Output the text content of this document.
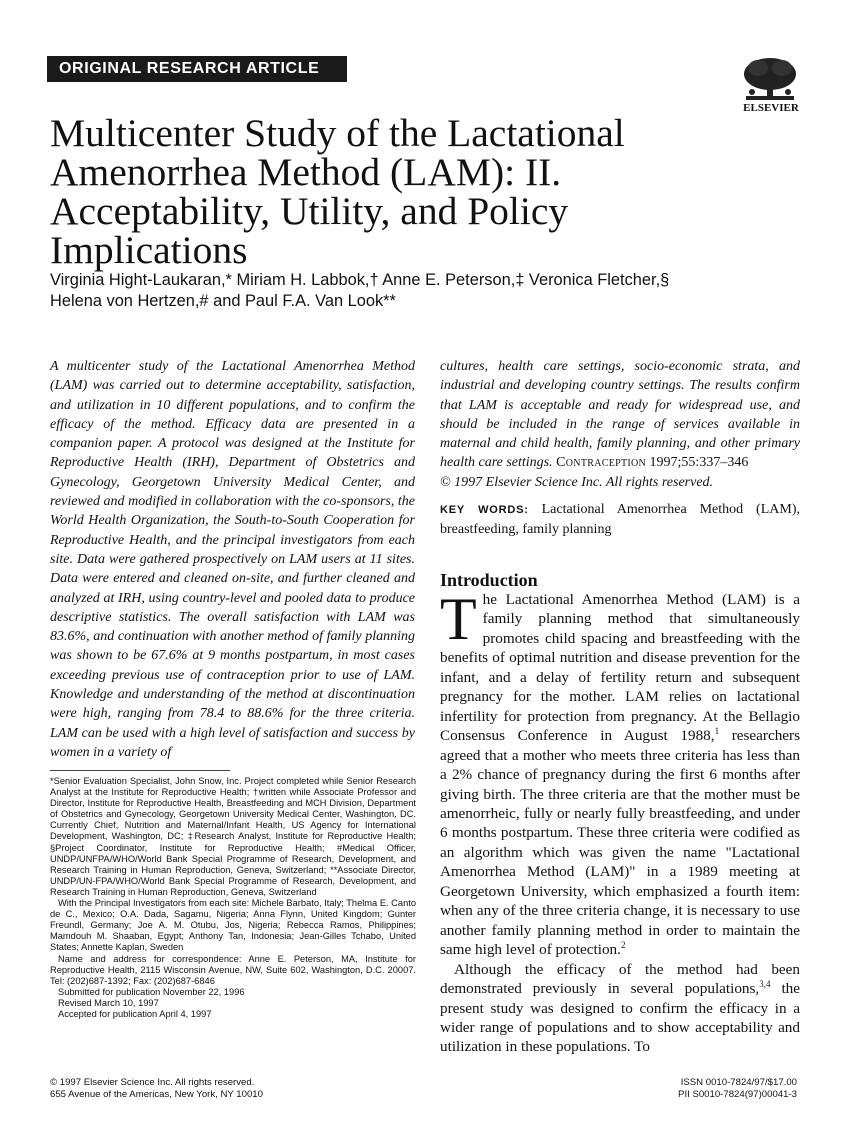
ORIGINAL RESEARCH ARTICLE
ELSEVIER
Multicenter Study of the Lactational Amenorrhea Method (LAM): II. Acceptability, Utility, and Policy Implications
Virginia Hight-Laukaran,* Miriam H. Labbok,† Anne E. Peterson,‡ Veronica Fletcher,§
Helena von Hertzen,# and Paul F.A. Van Look**
A multicenter study of the Lactational Amenorrhea Method (LAM) was carried out to determine acceptability, satisfaction, and utilization in 10 different populations, and to confirm the efficacy of the method. Efficacy data are presented in a companion paper. A protocol was designed at the Institute for Reproductive Health (IRH), Department of Obstetrics and Gynecology, Georgetown University Medical Center, and reviewed and modified in collaboration with the co-sponsors, the World Health Organization, the South-to-South Cooperation for Reproductive Health, and the principal investigators from each site. Data were gathered prospectively on LAM users at 11 sites. Data were entered and cleaned on-site, and further cleaned and analyzed at IRH, using country-level and pooled data to produce descriptive statistics. The overall satisfaction with LAM was 83.6%, and continuation with another method of family planning was shown to be 67.6% at 9 months postpartum, in most cases exceeding previous use of contraception prior to use of LAM. Knowledge and understanding of the method at discontinuation were high, ranging from 78.4 to 88.6% for the three criteria. LAM can be used with a high level of satisfaction and success by women in a variety of
cultures, health care settings, socio-economic strata, and industrial and developing country settings. The results confirm that LAM is acceptable and ready for widespread use, and should be included in the range of services available in maternal and child health, family planning, and other primary health care settings. Contraception 1997;55:337–346
© 1997 Elsevier Science Inc. All rights reserved.
KEY WORDS: Lactational Amenorrhea Method (LAM), breastfeeding, family planning
Introduction

The Lactational Amenorrhea Method (LAM) is a family planning method that simultaneously promotes child spacing and breastfeeding with the benefits of optimal nutrition and disease prevention for the infant, and a delay of fertility return and subsequent pregnancy for the mother. LAM relies on lactational infertility for protection from pregnancy. At the Bellagio Consensus Conference in August 1988,$^1$ researchers agreed that a mother who meets three criteria has less than a 2% chance of pregnancy during the first 6 months after giving birth. The three criteria are that the mother must be amenorrheic, fully or nearly fully breastfeeding, and under 6 months postpartum. These three criteria were codified as an algorithm which was given the name "Lactational Amenorrhea Method (LAM)" in a 1989 meeting at Georgetown University, which emphasized a fourth item: when any of the three criteria change, it is necessary to use another family planning method in order to maintain the same high level of protection.$^2$

Although the efficacy of the method had been demonstrated previously in several populations,$^{3,4}$ the present study was designed to confirm the efficacy in a wider range of populations and to show acceptability and utilization in these populations. To

*Senior Evaluation Specialist, John Snow, Inc. Project completed while Senior Research Analyst at the Institute for Reproductive Health; †written while Associate Professor and Director, Institute for Reproductive Health, Breastfeeding and MCH Division, Department of Obstetrics and Gynecology, Georgetown University Medical Center, Washington, DC. Currently Chief, Nutrition and Maternal/Infant Health, US Agency for International Development, Washington, DC; ‡Research Analyst, Institute for Reproductive Health; §Project Coordinator, Institute for Reproductive Health; #Medical Officer, UNDP/UNFPA/WHO/World Bank Special Programme of Research, Development, and Research Training in Human Reproduction, Geneva, Switzerland; **Associate Director, UNDP/UN-FPA/WHO/World Bank Special Programme of Research, Development, and Research Training in Human Reproduction, Geneva, Switzerland

With the Principal Investigators from each site: Michele Barbato, Italy; Thelma E. Canto de C., Mexico; O.A. Dada, Sagamu, Nigeria; Anna Flynn, United Kingdom; Gunter Freundl, Germany; Joe A. M. Otubu, Jos, Nigeria; Rebecca Ramos, Philippines; Mamdouh M. Shaaban, Egypt; Anthony Tan, Indonesia; Jean-Gilles Tchabo, United States; Annette Kaplan, Sweden

Name and address for correspondence: Anne E. Peterson, MA, Institute for Reproductive Health, 2115 Wisconsin Avenue, NW, Suite 602, Washington, D.C. 20007. Tel: (202)687-1392; Fax: (202)687-6846

Submitted for publication November 22, 1996

Revised March 10, 1997

Accepted for publication April 4, 1997

© 1997 Elsevier Science Inc. All rights reserved.
655 Avenue of the Americas, New York, NY 10010
ISSN 0010-7824/97/$17.00
PII S0010-7824(97)00041-3
